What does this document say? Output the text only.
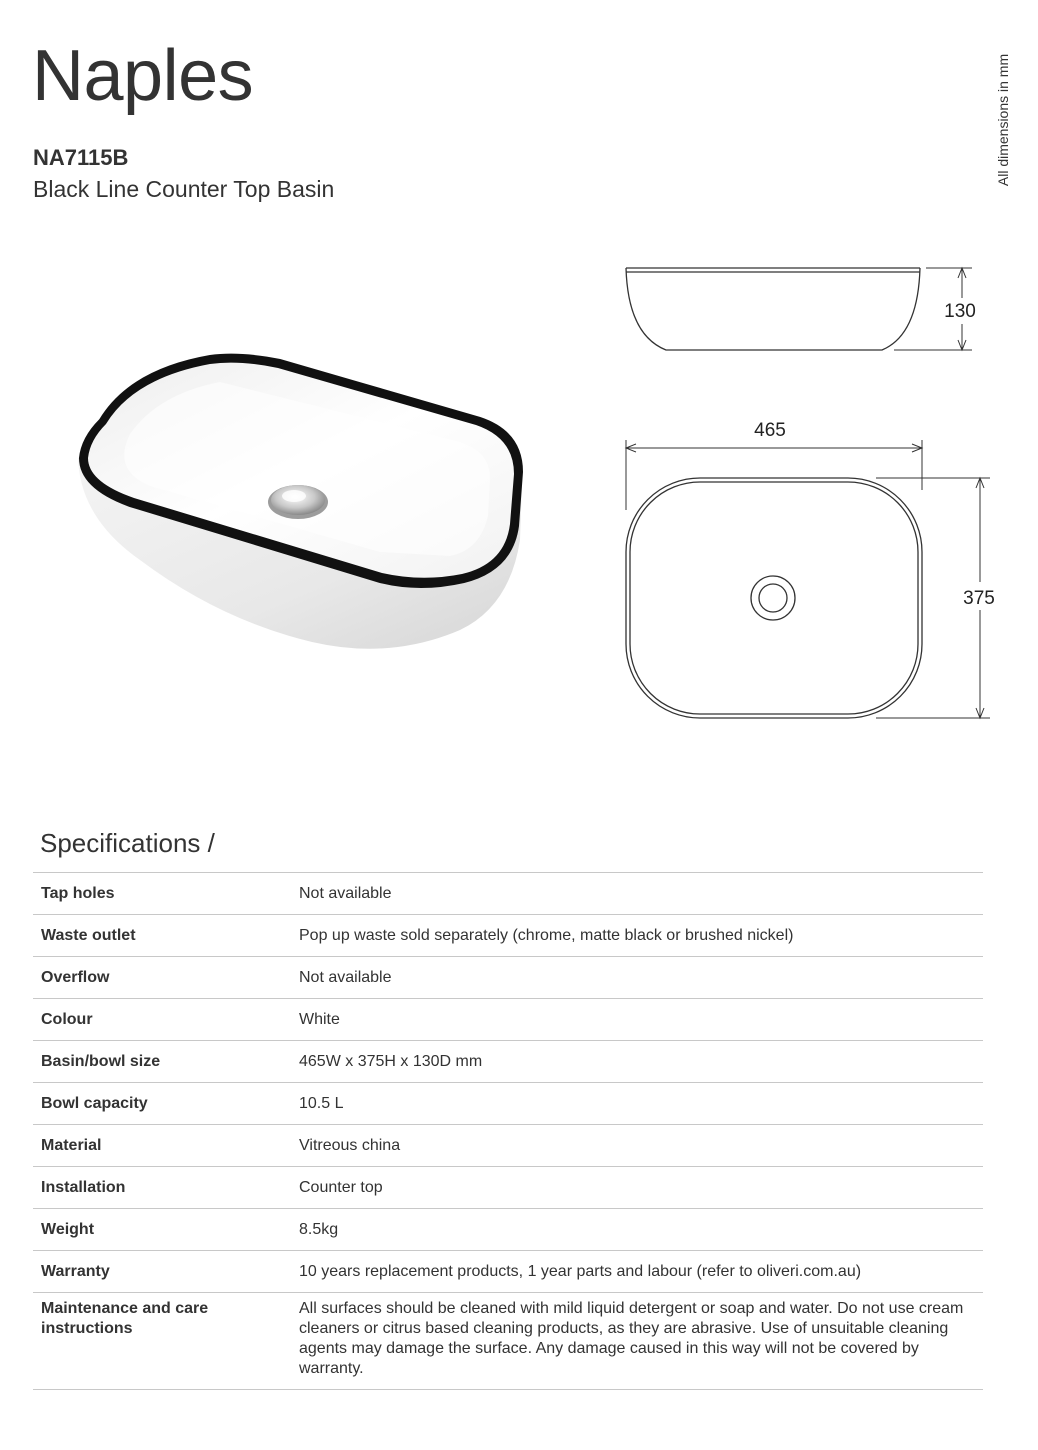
Naples
NA7115B
Black Line Counter Top Basin
All dimensions in mm
130
465
375
Specifications /
Tap holes	Not available
Waste outlet	Pop up waste sold separately (chrome, matte black or brushed nickel)
Overflow	Not available
Colour	White
Basin/bowl size	465W x 375H x 130D mm
Bowl capacity	10.5 L
Material	Vitreous china
Installation	Counter top
Weight	8.5kg
Warranty	10 years replacement products, 1 year parts and labour (refer to oliveri.com.au)
Maintenance and care instructions	All surfaces should be cleaned with mild liquid detergent or soap and water. Do not use cream cleaners or citrus based cleaning products, as they are abrasive. Use of unsuitable cleaning agents may damage the surface. Any damage caused in this way will not be covered by warranty.
